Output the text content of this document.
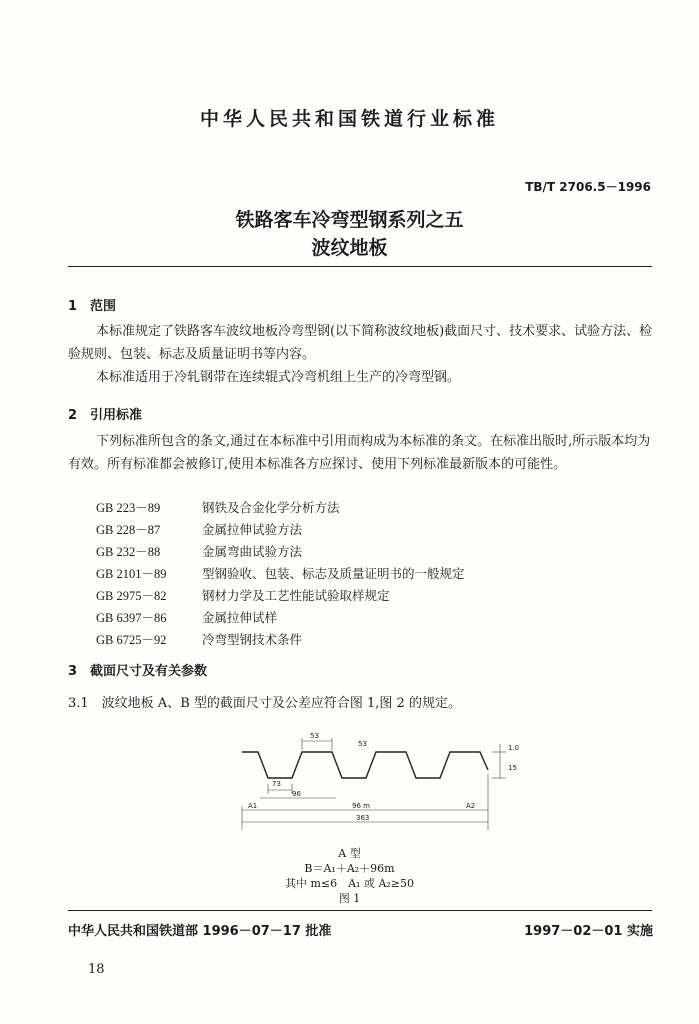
中华人民共和国铁道行业标准
TB/T 2706.5－1996
铁路客车冷弯型钢系列之五
波纹地板
1　范围

本标准规定了铁路客车波纹地板冷弯型钢(以下简称波纹地板)截面尺寸、技术要求、试验方法、检验规则、包装、标志及质量证明书等内容。

本标准适用于冷轧钢带在连续辊式冷弯机组上生产的冷弯型钢。

2　引用标准

下列标准所包含的条文,通过在本标准中引用而构成为本标准的条文。在标准出版时,所示版本均为有效。所有标准都会被修订,使用本标准各方应探讨、使用下列标准最新版本的可能性。

GB 223－89	钢铁及合金化学分析方法
GB 228－87	金属拉伸试验方法
GB 232－88	金属弯曲试验方法
GB 2101－89	型钢验收、包装、标志及质量证明书的一般规定
GB 2975－82	钢材力学及工艺性能试验取样规定
GB 6397－86	金属拉伸试样
GB 6725－92	冷弯型钢技术条件
3　截面尺寸及有关参数
3.1　波纹地板 A、B 型的截面尺寸及公差应符合图 1,图 2 的规定。
53
53
73
96
A1	96 m	A2
363
1.0
15
A 型
B＝A₁＋A₂＋96m
其中 m≤6　A₁ 或 A₂≥50
图 1
中华人民共和国铁道部 1996－07－17 批准	1997－02－01 实施
18
